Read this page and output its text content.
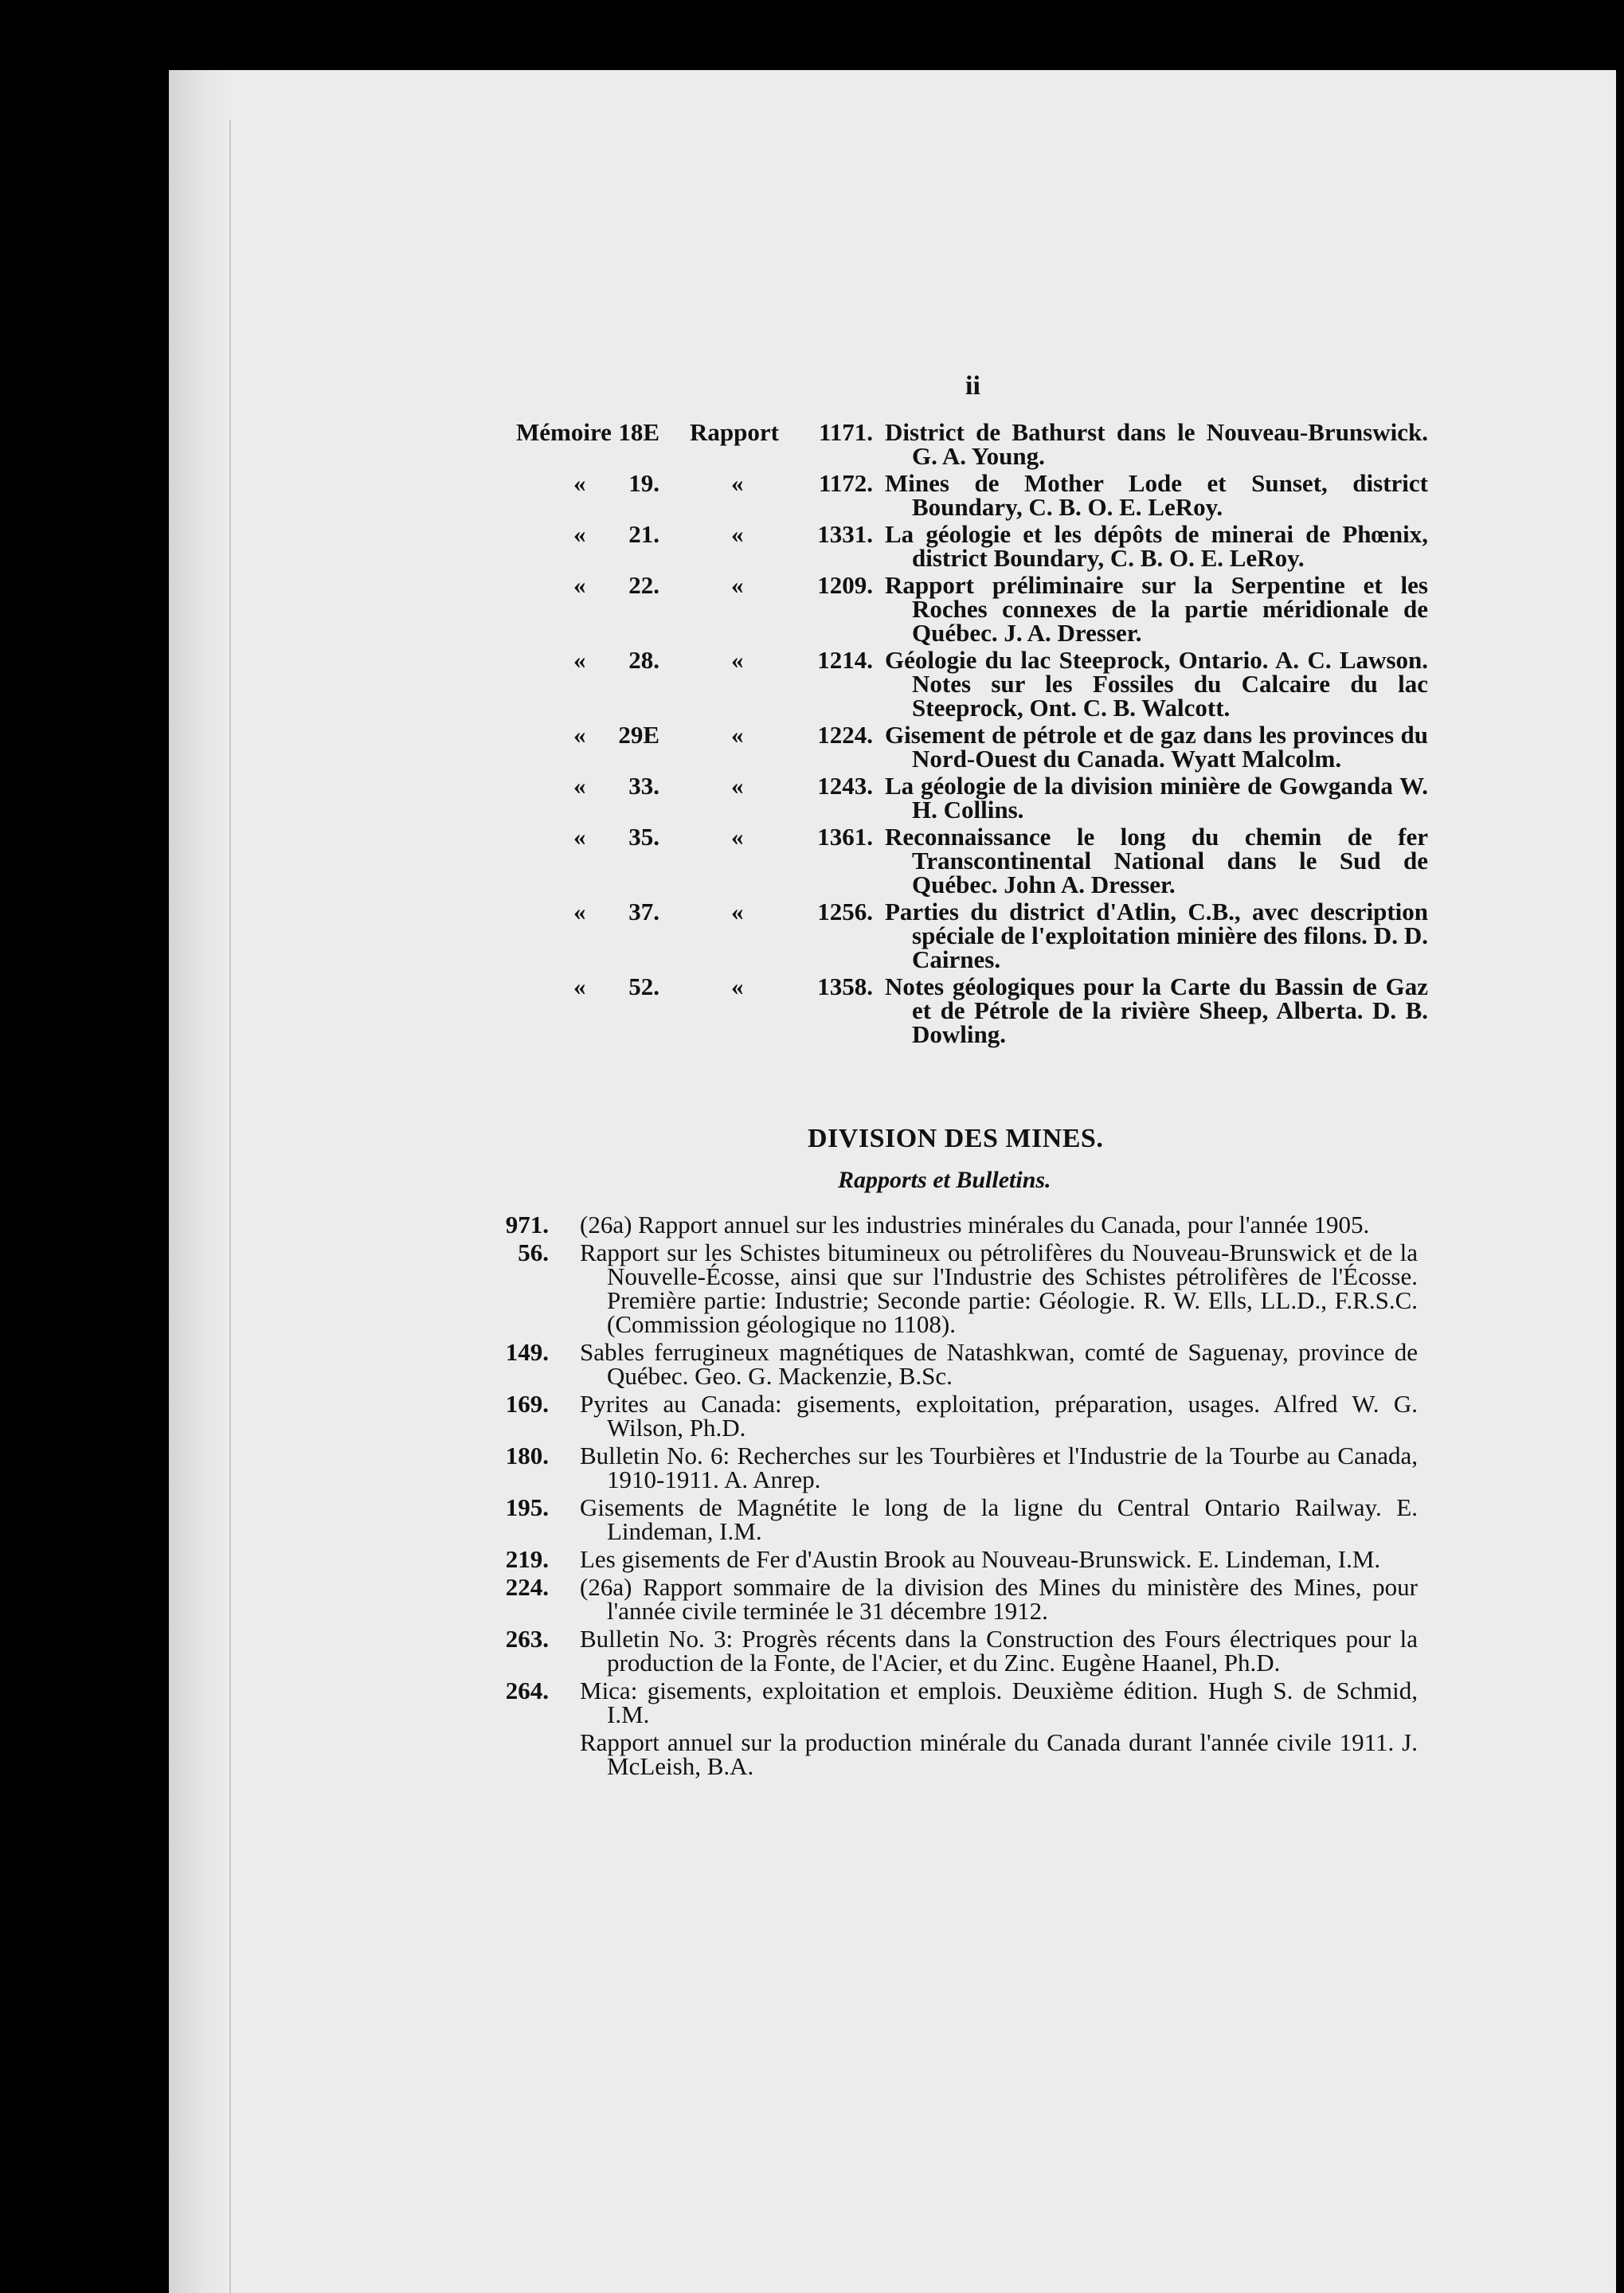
ii
Mémoire 18E Rapport	1171. District de Bathurst dans le Nouveau-Brunswick. G. A. Young.
«	19.	«	1172. Mines de Mother Lode et Sunset, district Boundary, C. B. O. E. LeRoy.
«	21.	«	1331. La géologie et les dépôts de minerai de Phœnix, district Boundary, C. B. O. E. LeRoy.
«	22.	«	1209. Rapport préliminaire sur la Serpentine et les Roches connexes de la partie méridionale de Québec. J. A. Dresser.
«	28.	«	1214. Géologie du lac Steeprock, Ontario. A. C. Lawson. Notes sur les Fossiles du Calcaire du lac Steeprock, Ont. C. B. Walcott.
«	29E	«	1224. Gisement de pétrole et de gaz dans les provinces du Nord-Ouest du Canada. Wyatt Malcolm.
«	33.	«	1243. La géologie de la division minière de Gowganda W. H. Collins.
«	35.	«	1361. Reconnaissance le long du chemin de fer Transcontinental National dans le Sud de Québec. John A. Dresser.
«	37.	«	1256. Parties du district d'Atlin, C.B., avec description spéciale de l'exploitation minière des filons. D. D. Cairnes.
«	52.	«	1358. Notes géologiques pour la Carte du Bassin de Gaz et de Pétrole de la rivière Sheep, Alberta. D. B. Dowling.
DIVISION DES MINES.
Rapports et Bulletins.
971. (26a) Rapport annuel sur les industries minérales du Canada, pour l'année 1905.
56. Rapport sur les Schistes bitumineux ou pétrolifères du Nouveau-Brunswick et de la Nouvelle-Écosse, ainsi que sur l'Industrie des Schistes pétrolifères de l'Écosse. Première partie: Industrie; Seconde partie: Géologie. R. W. Ells, LL.D., F.R.S.C. (Commission géologique no 1108).
149. Sables ferrugineux magnétiques de Natashkwan, comté de Saguenay, province de Québec. Geo. G. Mackenzie, B.Sc.
169. Pyrites au Canada: gisements, exploitation, préparation, usages. Alfred W. G. Wilson, Ph.D.
180. Bulletin No. 6: Recherches sur les Tourbières et l'Industrie de la Tourbe au Canada, 1910-1911. A. Anrep.
195. Gisements de Magnétite le long de la ligne du Central Ontario Railway. E. Lindeman, I.M.
219. Les gisements de Fer d'Austin Brook au Nouveau-Brunswick. E. Lindeman, I.M.
224. (26a) Rapport sommaire de la division des Mines du ministère des Mines, pour l'année civile terminée le 31 décembre 1912.
263. Bulletin No. 3: Progrès récents dans la Construction des Fours électriques pour la production de la Fonte, de l'Acier, et du Zinc. Eugène Haanel, Ph.D.
264. Mica: gisements, exploitation et emplois. Deuxième édition. Hugh S. de Schmid, I.M.
Rapport annuel sur la production minérale du Canada durant l'année civile 1911. J. McLeish, B.A.
